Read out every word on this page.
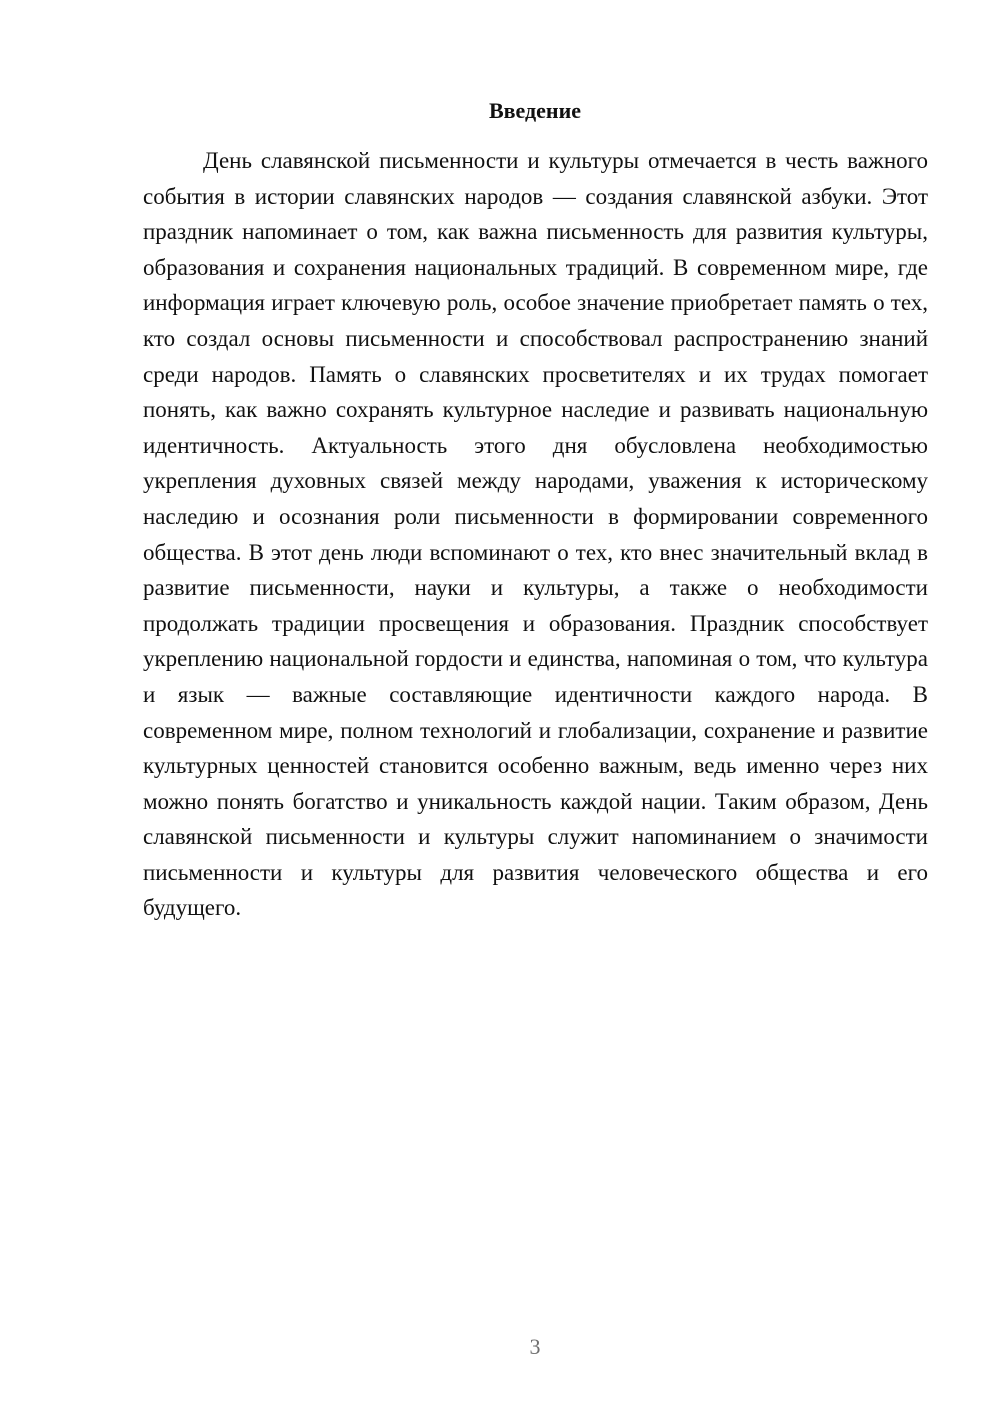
Введение

День славянской письменности и культуры отмечается в честь важного события в истории славянских народов — создания славянской азбуки. Этот праздник напоминает о том, как важна письменность для развития культуры, образования и сохранения национальных традиций. В современном мире, где информация играет ключевую роль, особое значение приобретает память о тех, кто создал основы письменности и способствовал распространению знаний среди народов. Память о славянских просветителях и их трудах помогает понять, как важно сохранять культурное наследие и развивать национальную идентичность. Актуальность этого дня обусловлена необходимостью укрепления духовных связей между народами, уважения к историческому наследию и осознания роли письменности в формировании современного общества. В этот день люди вспоминают о тех, кто внес значительный вклад в развитие письменности, науки и культуры, а также о необходимости продолжать традиции просвещения и образования. Праздник способствует укреплению национальной гордости и единства, напоминая о том, что культура и язык — важные составляющие идентичности каждого народа. В современном мире, полном технологий и глобализации, сохранение и развитие культурных ценностей становится особенно важным, ведь именно через них можно понять богатство и уникальность каждой нации. Таким образом, День славянской письменности и культуры служит напоминанием о значимости письменности и культуры для развития человеческого общества и его будущего.

3
